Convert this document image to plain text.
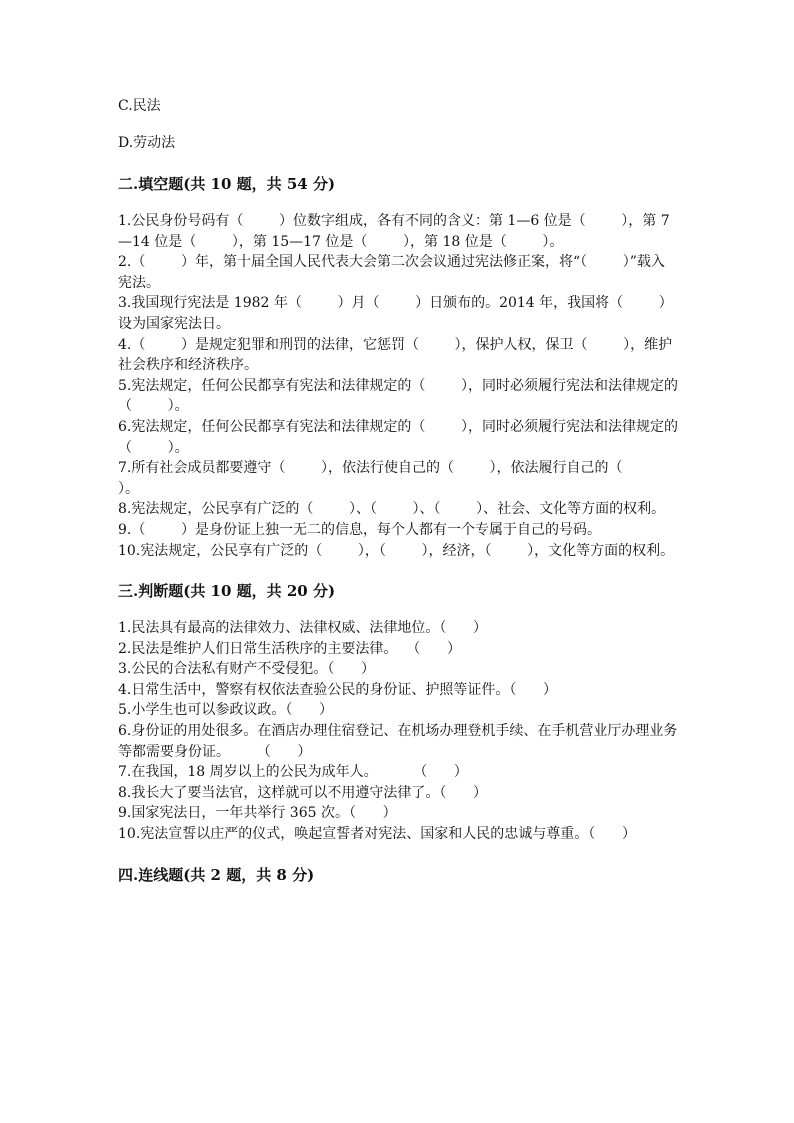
C.民法

D.劳动法

二.填空题(共 10 题，共 54 分)
1.公民身份号码有（        ）位数字组成，各有不同的含义：第 1—6 位是（        ），第 7—14 位是（        ），第 15—17 位是（        ），第 18 位是（        ）。
2.（        ）年，第十届全国人民代表大会第二次会议通过宪法修正案，将“（        ）”载入宪法。
3.我国现行宪法是 1982 年（        ）月（        ）日颁布的。2014 年，我国将（        ）设为国家宪法日。
4.（        ）是规定犯罪和刑罚的法律，它惩罚（        ），保护人权，保卫（        ），维护社会秩序和经济秩序。
5.宪法规定，任何公民都享有宪法和法律规定的（        ），同时必须履行宪法和法律规定的（        ）。
6.宪法规定，任何公民都享有宪法和法律规定的（        ），同时必须履行宪法和法律规定的（        ）。
7.所有社会成员都要遵守（        ），依法行使自己的（        ），依法履行自己的（        ）。
8.宪法规定，公民享有广泛的（        ）、（        ）、（        ）、社会、文化等方面的权利。
9.（        ）是身份证上独一无二的信息，每个人都有一个专属于自己的号码。
10.宪法规定，公民享有广泛的（        ），（        ），经济，（        ），文化等方面的权利。
三.判断题(共 10 题，共 20 分)
1.民法具有最高的法律效力、法律权威、法律地位。（      ）
2.民法是维护人们日常生活秩序的主要法律。  （      ）
3.公民的合法私有财产不受侵犯。（      ）
4.日常生活中，警察有权依法查验公民的身份证、护照等证件。（      ）
5.小学生也可以参政议政。（      ）
6.身份证的用处很多。在酒店办理住宿登记、在机场办理登机手续、在手机营业厅办理业务等都需要身份证。      （      ）
7.在我国，18 周岁以上的公民为成年人。        （      ）
8.我长大了要当法官，这样就可以不用遵守法律了。（      ）
9.国家宪法日，一年共举行 365 次。（      ）
10.宪法宣誓以庄严的仪式，唤起宣誓者对宪法、国家和人民的忠诚与尊重。（      ）
四.连线题(共 2 题，共 8 分)
